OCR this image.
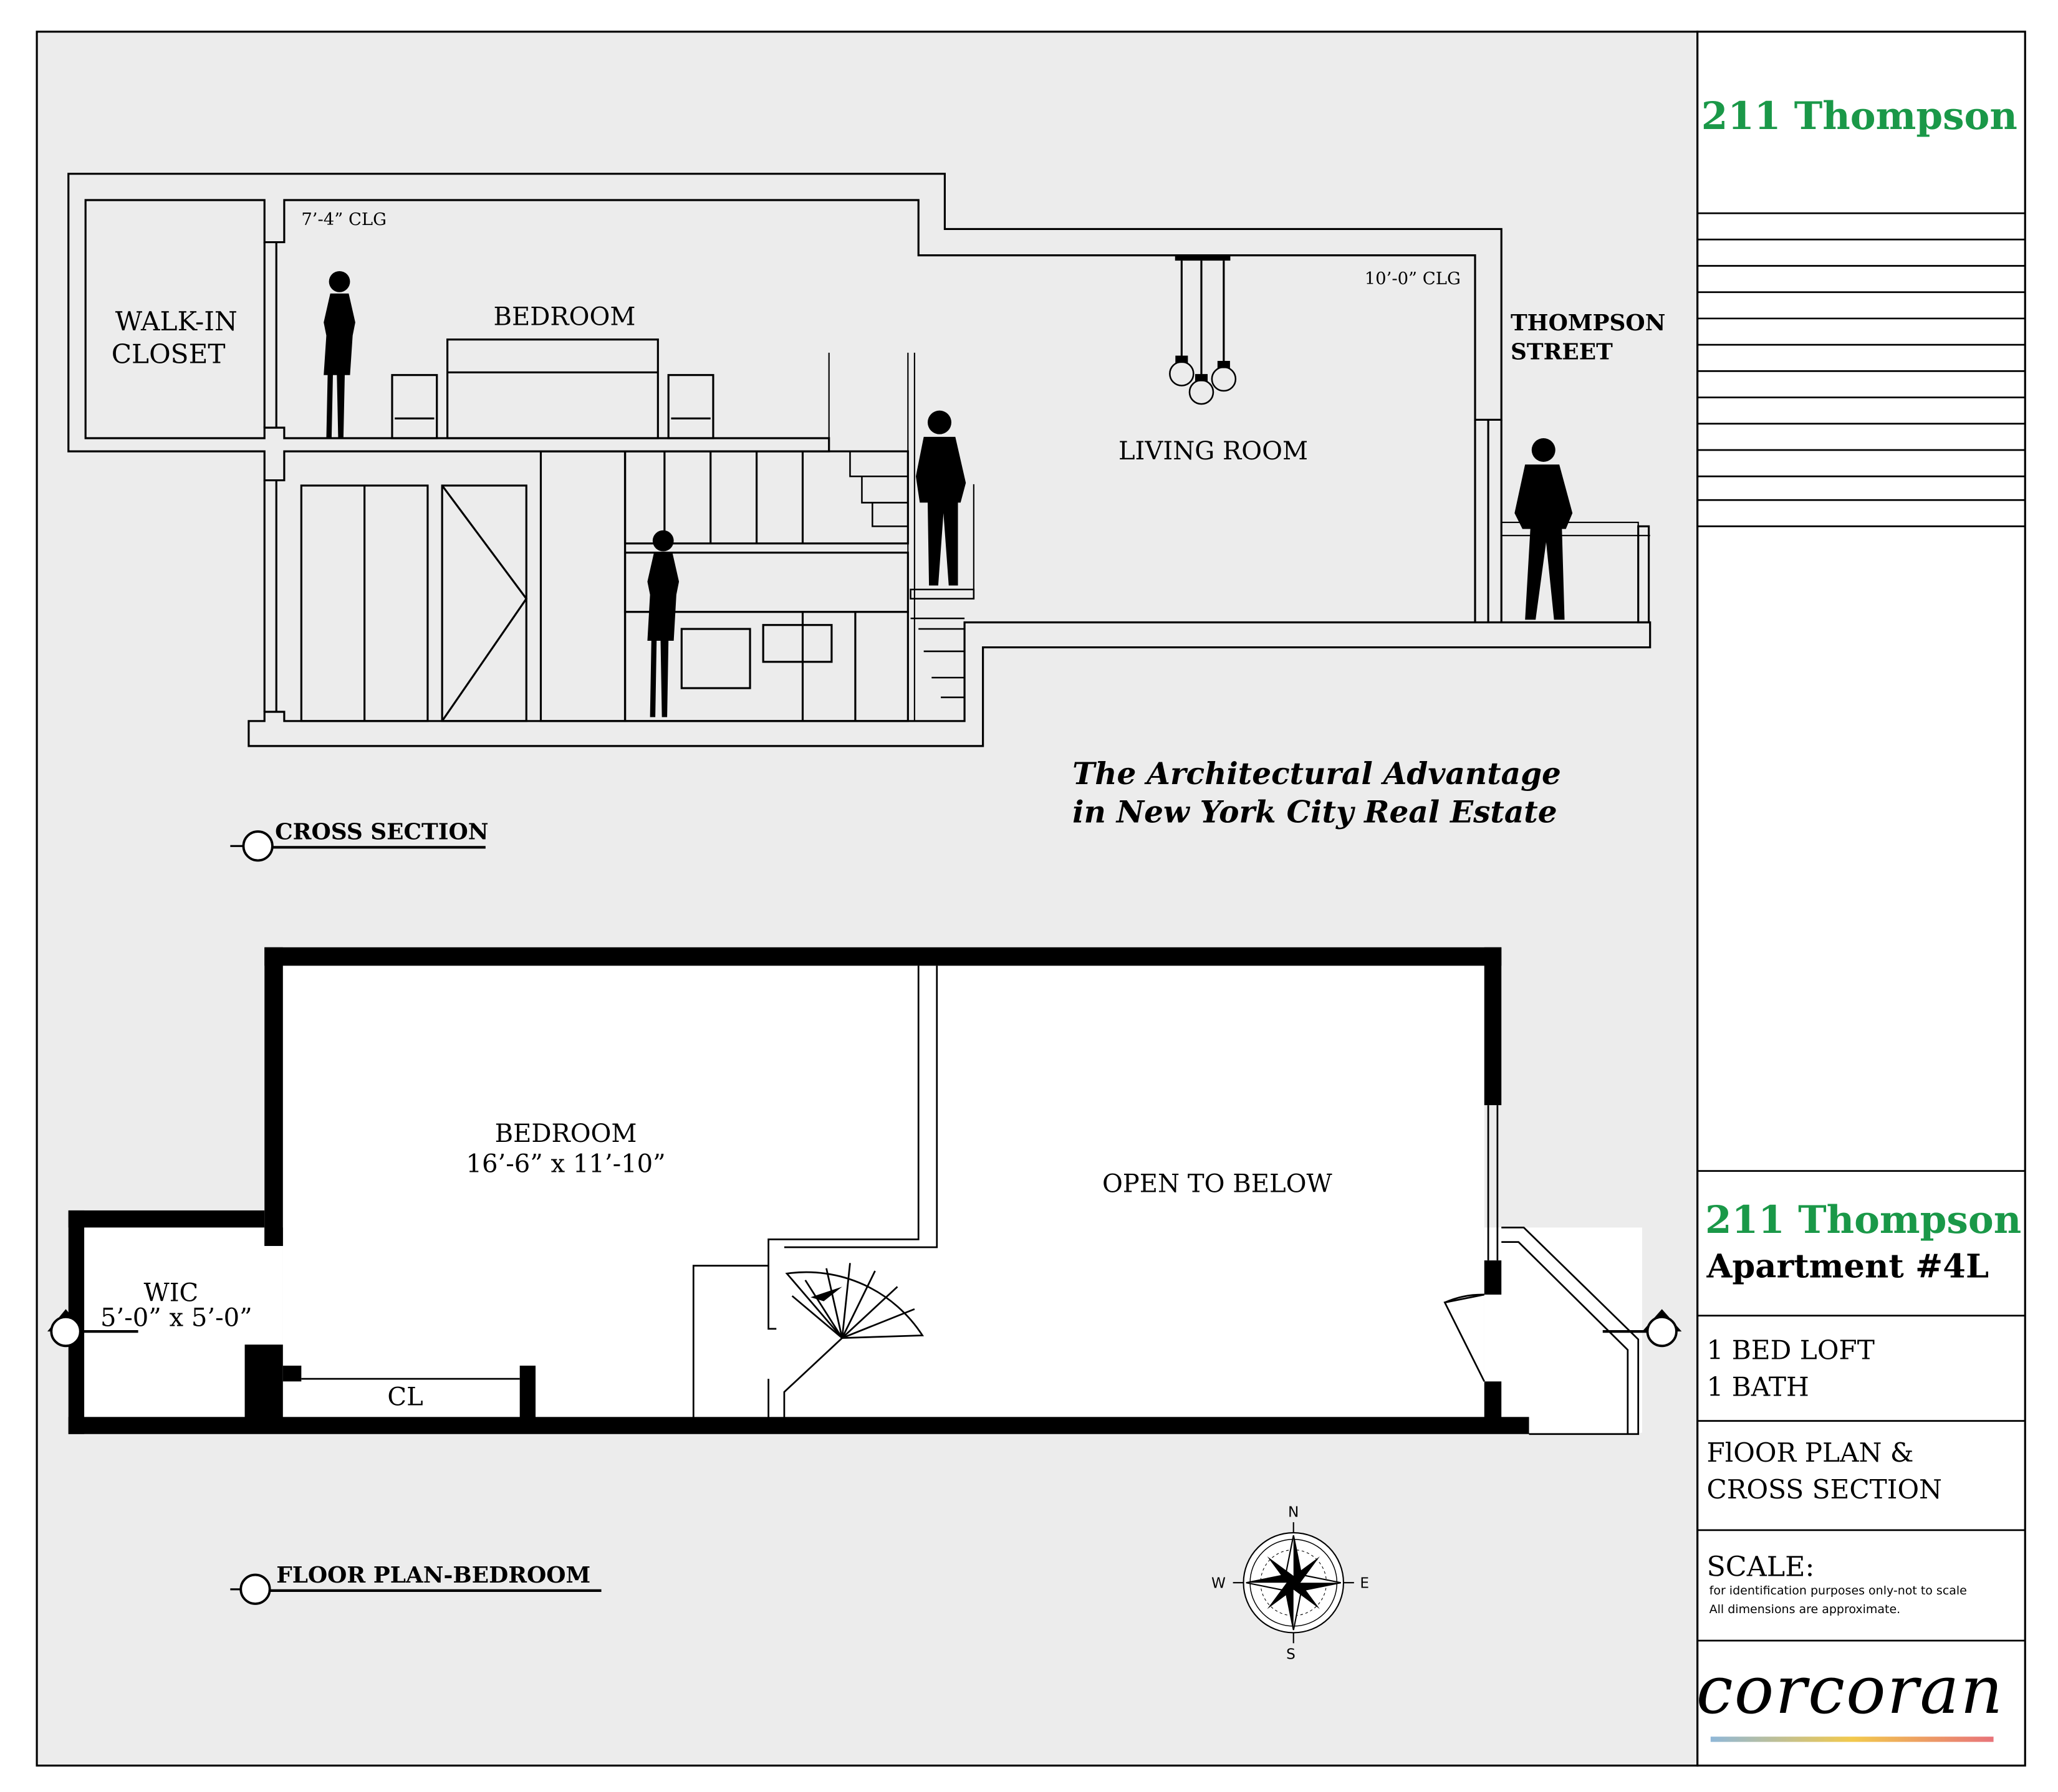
211 Thompson
211 Thompson
Apartment #4L
1 BED LOFT
1 BATH
FlOOR PLAN &
CROSS SECTION
SCALE:
for identification purposes only-not to scale
All dimensions are approximate.
corcoran
WALK-IN
CLOSET
BEDROOM
LIVING ROOM
7’-4” CLG
10’-0” CLG
THOMPSON
STREET
CROSS SECTION
The Architectural Advantage
in New York City Real Estate
BEDROOM
16’-6” x 11’-10”
OPEN TO BELOW
WIC
5’-0” x 5’-0”
CL
FLOOR PLAN-BEDROOM
N
S
E
W
